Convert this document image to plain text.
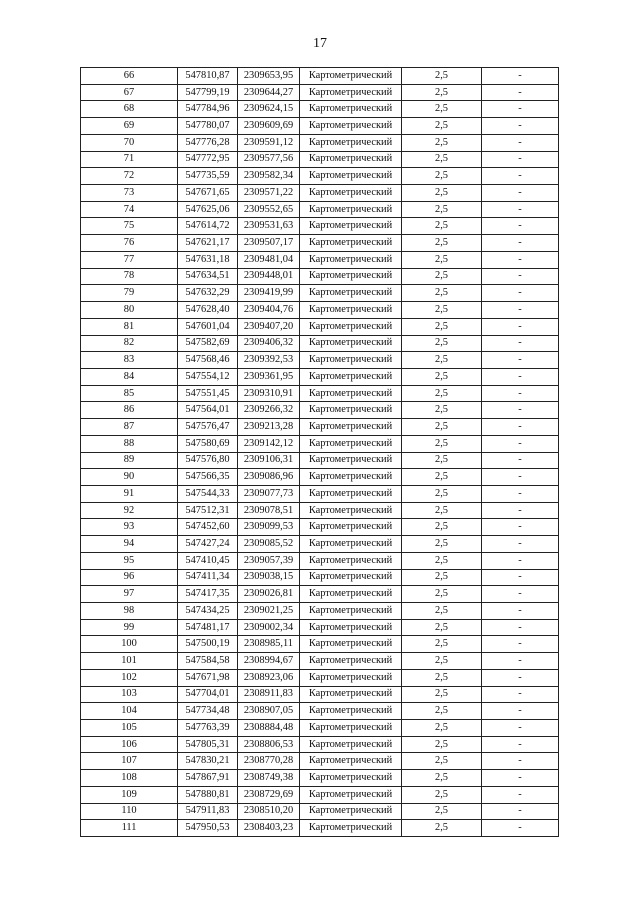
17
66	547810,87	2309653,95	Картометрический	2,5	-
67	547799,19	2309644,27	Картометрический	2,5	-
68	547784,96	2309624,15	Картометрический	2,5	-
69	547780,07	2309609,69	Картометрический	2,5	-
70	547776,28	2309591,12	Картометрический	2,5	-
71	547772,95	2309577,56	Картометрический	2,5	-
72	547735,59	2309582,34	Картометрический	2,5	-
73	547671,65	2309571,22	Картометрический	2,5	-
74	547625,06	2309552,65	Картометрический	2,5	-
75	547614,72	2309531,63	Картометрический	2,5	-
76	547621,17	2309507,17	Картометрический	2,5	-
77	547631,18	2309481,04	Картометрический	2,5	-
78	547634,51	2309448,01	Картометрический	2,5	-
79	547632,29	2309419,99	Картометрический	2,5	-
80	547628,40	2309404,76	Картометрический	2,5	-
81	547601,04	2309407,20	Картометрический	2,5	-
82	547582,69	2309406,32	Картометрический	2,5	-
83	547568,46	2309392,53	Картометрический	2,5	-
84	547554,12	2309361,95	Картометрический	2,5	-
85	547551,45	2309310,91	Картометрический	2,5	-
86	547564,01	2309266,32	Картометрический	2,5	-
87	547576,47	2309213,28	Картометрический	2,5	-
88	547580,69	2309142,12	Картометрический	2,5	-
89	547576,80	2309106,31	Картометрический	2,5	-
90	547566,35	2309086,96	Картометрический	2,5	-
91	547544,33	2309077,73	Картометрический	2,5	-
92	547512,31	2309078,51	Картометрический	2,5	-
93	547452,60	2309099,53	Картометрический	2,5	-
94	547427,24	2309085,52	Картометрический	2,5	-
95	547410,45	2309057,39	Картометрический	2,5	-
96	547411,34	2309038,15	Картометрический	2,5	-
97	547417,35	2309026,81	Картометрический	2,5	-
98	547434,25	2309021,25	Картометрический	2,5	-
99	547481,17	2309002,34	Картометрический	2,5	-
100	547500,19	2308985,11	Картометрический	2,5	-
101	547584,58	2308994,67	Картометрический	2,5	-
102	547671,98	2308923,06	Картометрический	2,5	-
103	547704,01	2308911,83	Картометрический	2,5	-
104	547734,48	2308907,05	Картометрический	2,5	-
105	547763,39	2308884,48	Картометрический	2,5	-
106	547805,31	2308806,53	Картометрический	2,5	-
107	547830,21	2308770,28	Картометрический	2,5	-
108	547867,91	2308749,38	Картометрический	2,5	-
109	547880,81	2308729,69	Картометрический	2,5	-
110	547911,83	2308510,20	Картометрический	2,5	-
111	547950,53	2308403,23	Картометрический	2,5	-
